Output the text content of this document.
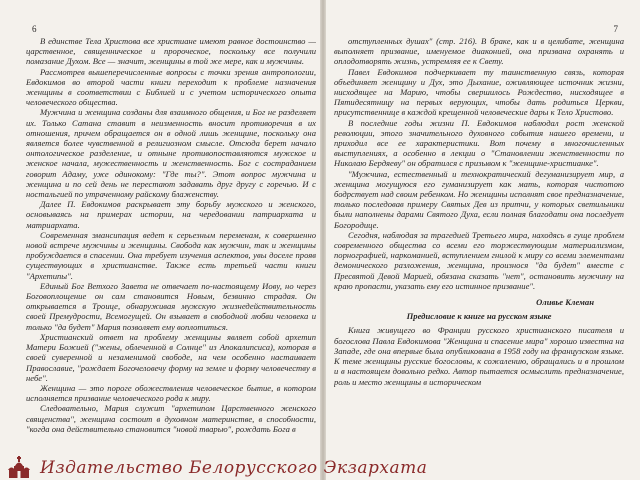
6

В единстве Тела Христова все христиане имеют равное достоинство — царственное, священническое и пророческое, поскольку все получили помазание Духом. Все — значит, женщины в той же мере, как и мужчины.

Рассмотрев вышеперечисленные вопросы с точки зрения антропологии, Евдокимов во второй части книги переходит к проблеме назначения женщины в соответствии с Библией и с учетом исторического опыта человеческого общества.

Мужчина и женщина созданы для взаимного общения, и Бог не разделяет их. Только Сатана ставит в неизменность вносит противоречия в их отношения, причем обращается он в одной лишь женщине, поскольку она является более чувственной в религиозном смысле. Отсюда берет начало онтологическое разделение, и отныне противопоставляются мужское и женское начала, мужественность и женственность. Бог с состраданием говорит Адаму, уже одинокому: "Где ты?". Этот вопрос мужчина и женщина и по сей день не перестают задавать друг другу с горечью. И с ностальгией по утраченному райскому блаженству.

Далее П. Евдокимов раскрывает эту борьбу мужского и женского, основываясь на примерах истории, на чередовании патриархата и матриархата.

Современная эмансипация ведет к серьезным переменам, к совершенно новой встрече мужчины и женщины. Свобода как мужчин, так и женщины пробуждается в спасении. Она требует изучения аспектов, увы доселе прояв существующих в христианстве. Также есть третьей части книги "Архетипы".

Единый Бог Ветхого Завета не отвечает по-настоящему Иову, но через Боговоплощение он сам становится Новым, безвинно страдая. Он открывается в Троице, обнаруживая мужскую жизнедействительность своей Премудрости, Всемогущей. Он взывает в свободной любви человека и только "да будет" Мария позволяет ему воплотиться.

Христианский ответ на проблему женщины являет собой архетип Матери Божией ("жены, облеченной в Солнце" из Апокалипсиса), которая в своей суверенной и незаменимой свободе, на чем особенно настаивает Православие, "рождает Богочеловечу форму на земле и форму человечеству в небе".

Женщина — это пороге обожествления человеческое бытие, в котором исполняется призвание человеческого рода к миру.

Следовательно, Мария служит "архетипом Царственного женского священства", женщина состоит в духовном материнстве, в способности, "когда она действительно становится "новой тварью", рождать Бога в

7

отступленных душах" (стр. 216). В браке, как и в целибате, женщина выполняет призвание, именуемое диаконией, она призвана охранять и оплодотворять жизнь, устремляя ее к Свету.

Павел Евдокимов подчеркивает ту таинственную связь, которая объединяет женщину и Дух, это Дыхание, оживляющее источник жизни, нисходящее на Марию, чтобы свершилось Рождество, нисходящее в Пятидесятницу на первых верующих, чтобы дать родиться Церкви, присутственнице в каждой крещенной человеческие дары к Тело Христово.

В последние годы жизни П. Евдокимов наблюдал рост женской революции, этого значительного духовного события нашего времени, и приходил все ее характеристики. Вот почему в многочисленных выступлениях, а особенно в лекции о "Становлении женственности по Николаю Бердяеву" он обратился с призывом к "женщине-христианке".

"Мужчина, естественный и технократический дегуманизирует мир, а женщина могущуюся его гуманизирует как мать, которая чистотою бодрствует над своим ребенком. Но женщины исполнят свое предназначение, только последовав примеру Святых Дев из притчи, у которых светильники были наполнены дарами Святого Духа, если полная благодати она последует Богородице.

Сегодня, наблюдая за трагедией Третьего мира, находясь в гуще проблем современного общества со всеми его торжествующим материализмом, порнографией, наркоманией, вступлением гнилой к миру со всеми элементами демонического разложения, женщина, произнося "да будет" вместе с Пресвятой Девой Марией, обязана сказать "нет", остановить мужчину на краю пропасти, указать ему его истинное призвание".

Оливье Клеман

Предисловие к книге на русском языке

Книга живущего во Франции русского христианского писателя и богослова Павла Евдокимова "Женщина и спасение мира" хорошо известна на Западе, где она впервые была опубликована в 1958 году на французском языке. К теме женщины русские богословы, к сожалению, обращались и в прошлом и в настоящем довольно редко. Автор пытается осмыслить предназначение, роль и место женщины в историческом

Издательство Белорусского Экзархата
